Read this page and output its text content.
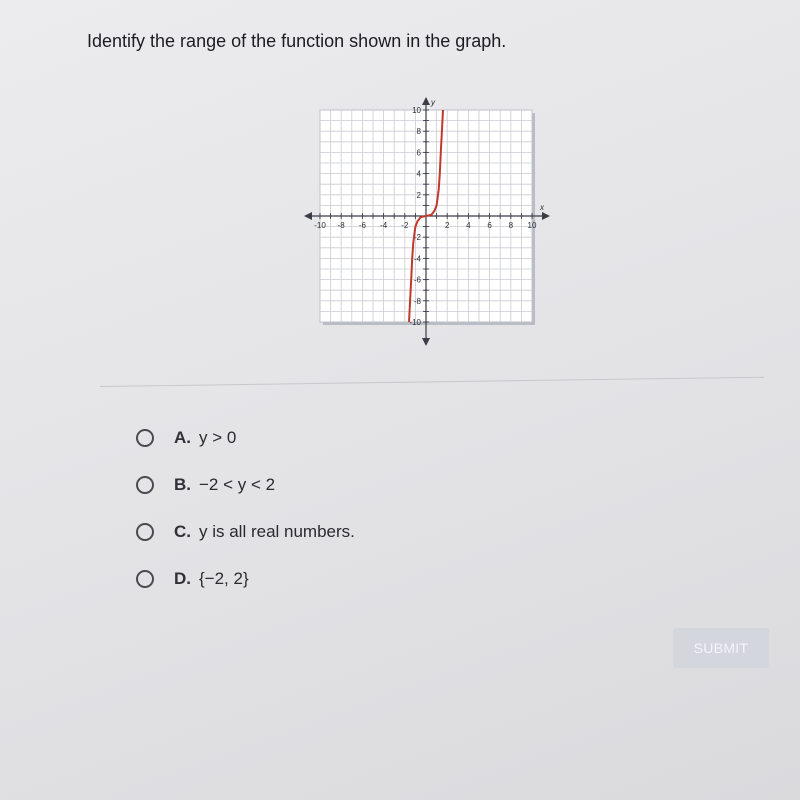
Identify the range of the function shown in the graph.
x
y
-10 -8 -6 -4 -2	2 4 6 8 10
10
8
6
4
2
-2
-4
-6
-8
-10
A. y > 0
B. −2 < y < 2
C. y is all real numbers.
D. {−2, 2}
SUBMIT
